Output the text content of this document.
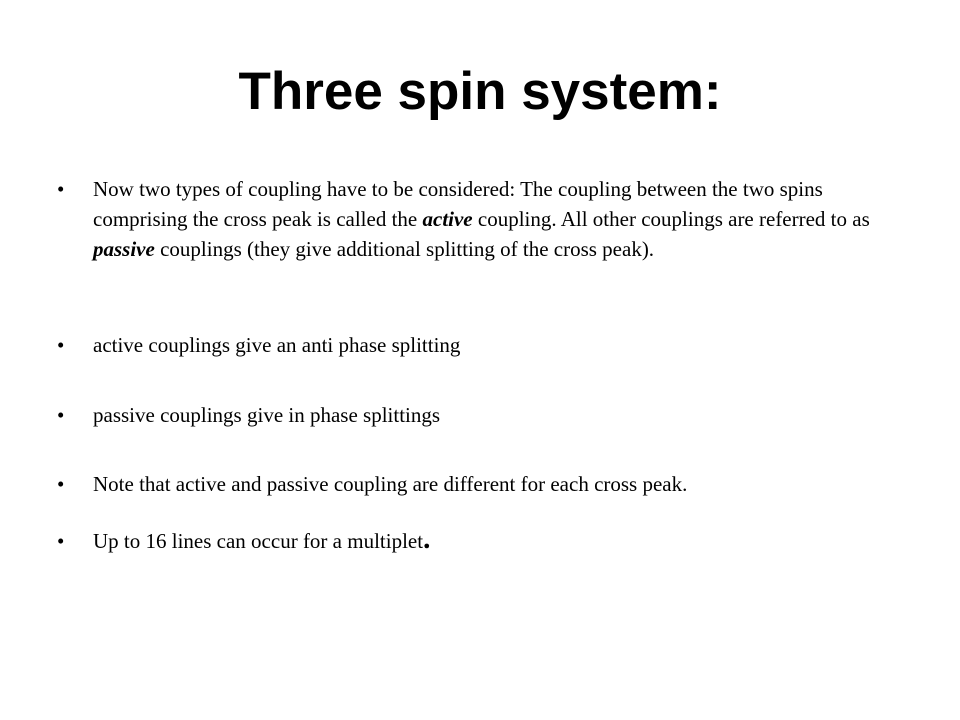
Three spin system:
•	Now two types of coupling have to be considered: The coupling between the two spins comprising the cross peak is called the active coupling. All other couplings are referred to as passive couplings (they give additional splitting of the cross peak).
•	active couplings give an anti phase splitting
•	passive couplings give in phase splittings
•	Note that active and passive coupling are different for each cross peak.
•	Up to 16 lines can occur for a multiplet.
